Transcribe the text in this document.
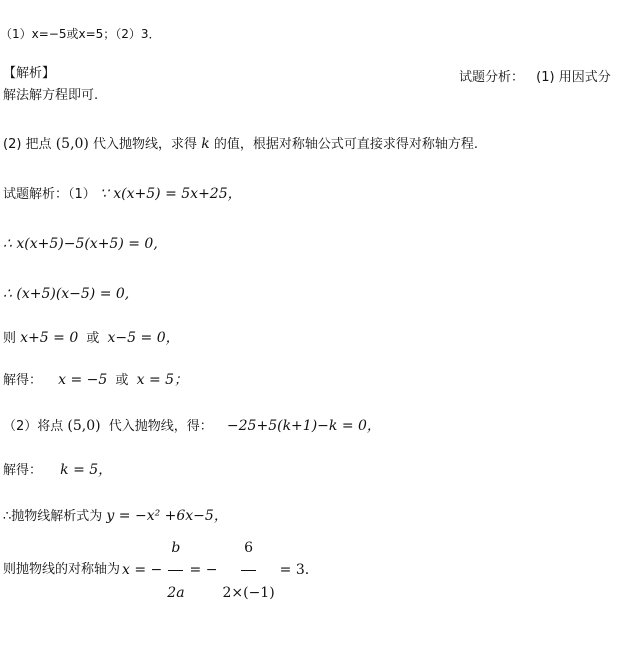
（1）x=−5或x=5；（2）3．
【解析】	试题分析： (1) 用因式分
解法解方程即可.
(2) 把点 (5,0) 代入抛物线，求得 k 的值，根据对称轴公式可直接求得对称轴方程.
试题解析：（1） ∵ x(x+5) = 5x+25，
∴ x(x+5)−5(x+5) = 0,
∴ (x+5)(x−5) = 0,
则 x+5 = 0 或 x−5 = 0，
解得： x = −5 或 x = 5；
（2）将点 (5,0) 代入抛物线，得： −25+5(k+1)−k = 0，
解得： k = 5，
∴抛物线解析式为 y = −x² +6x−5，
则抛物线的对称轴为 x = − $\frac{b}{2a}$ = − $\frac{6}{2\times(-1)} = 3$.
